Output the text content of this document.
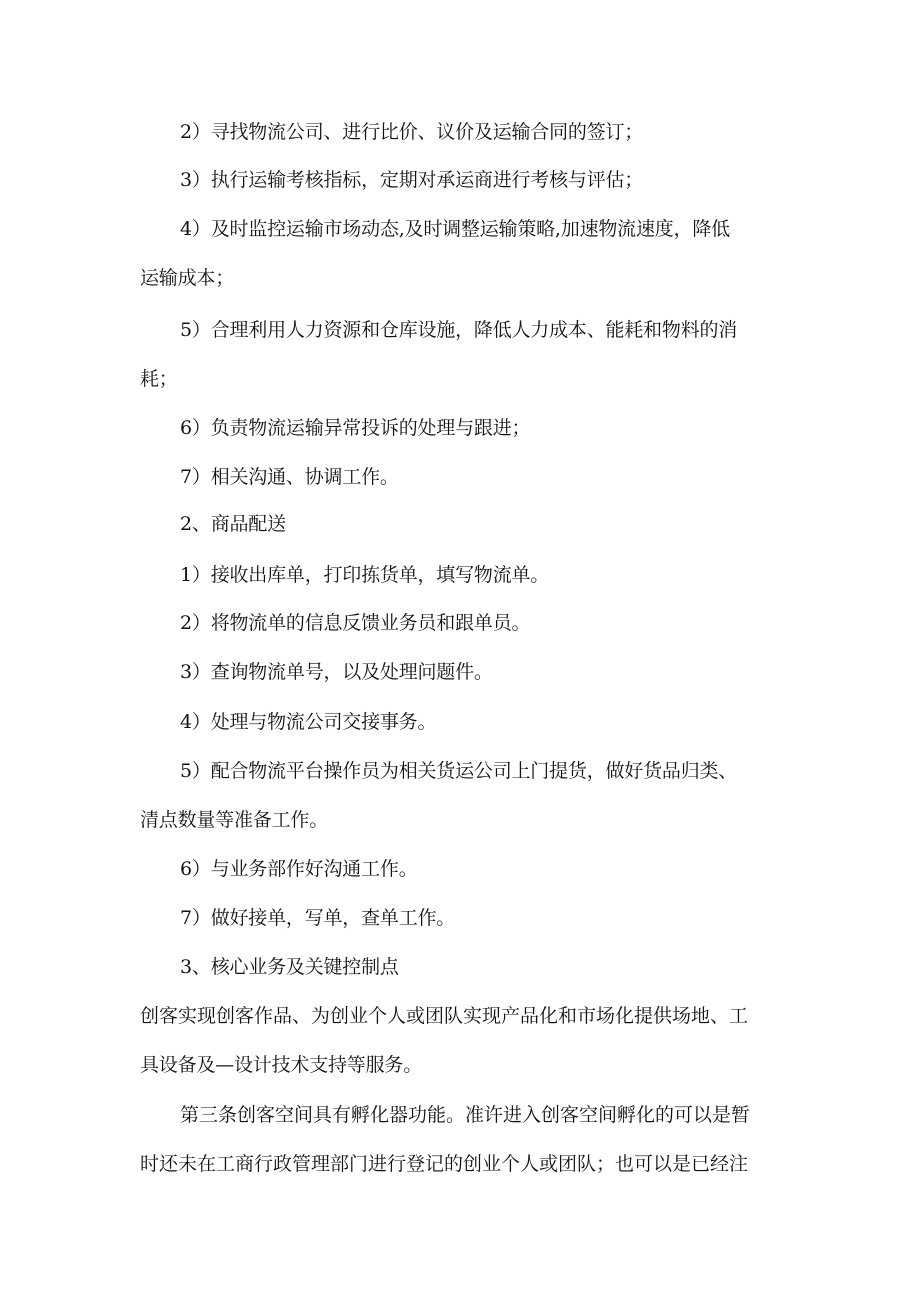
2）寻找物流公司、进行比价、议价及运输合同的签订；
3）执行运输考核指标，定期对承运商进行考核与评估；
4）及时监控运输市场动态,及时调整运输策略,加速物流速度，降低
运输成本；
5）合理利用人力资源和仓库设施，降低人力成本、能耗和物料的消
耗；
6）负责物流运输异常投诉的处理与跟进；
7）相关沟通、协调工作。
2、商品配送
1）接收出库单，打印拣货单，填写物流单。
2）将物流单的信息反馈业务员和跟单员。
3）查询物流单号，以及处理问题件。
4）处理与物流公司交接事务。
5）配合物流平台操作员为相关货运公司上门提货，做好货品归类、
清点数量等准备工作。
6）与业务部作好沟通工作。
7）做好接单，写单，查单工作。
3、核心业务及关键控制点
创客实现创客作品、为创业个人或团队实现产品化和市场化提供场地、工
具设备及—设计技术支持等服务。
第三条创客空间具有孵化器功能。准许进入创客空间孵化的可以是暂
时还未在工商行政管理部门进行登记的创业个人或团队；也可以是已经注
